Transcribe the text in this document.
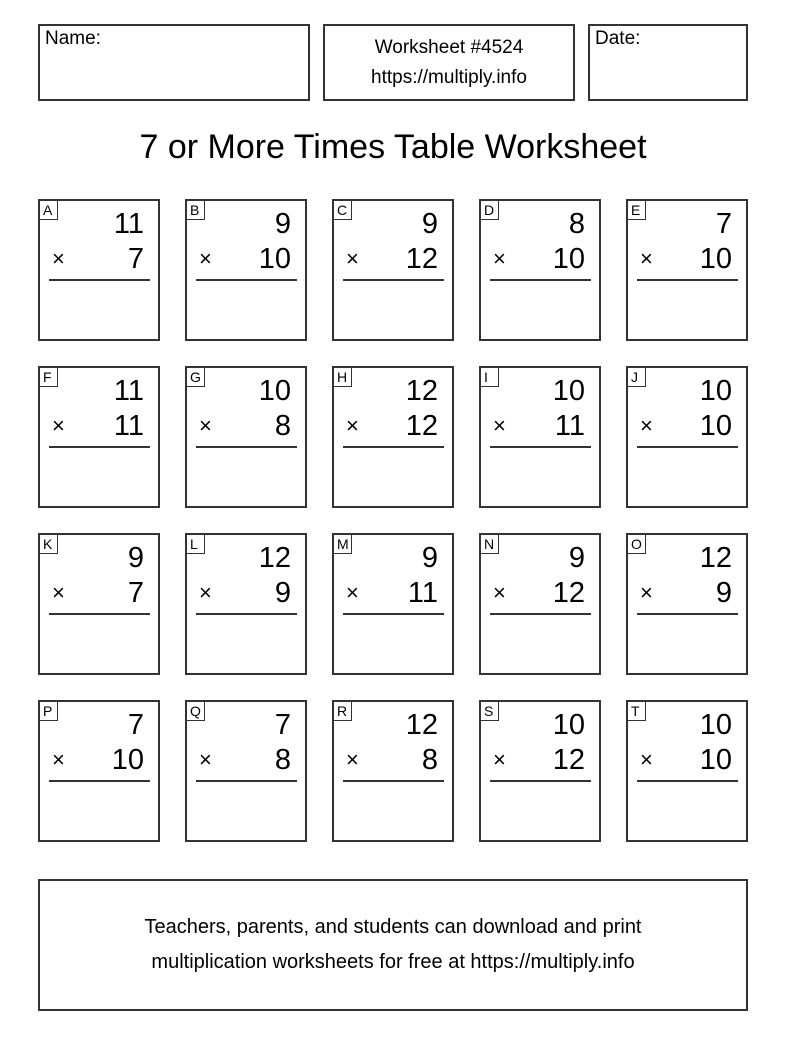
Name:	Worksheet #4524
https://multiply.info
Date:
7 or More Times Table Worksheet
A 11
× 7
B	9
× 10
C	9
× 12
D	8
× 10
E	7
× 10
F 11
× 11
G 10
× 8
H 12
× 12
I	10
× 11
J 10
× 10
K	9
× 7
L 12
× 9
M	9
× 11
N	9
× 12
O 12
× 9
P	7
× 10
Q	7
× 8
R 12
× 8
S 10
× 12
T 10
× 10
Teachers, parents, and students can download and print
multiplication worksheets for free at https://multiply.info
